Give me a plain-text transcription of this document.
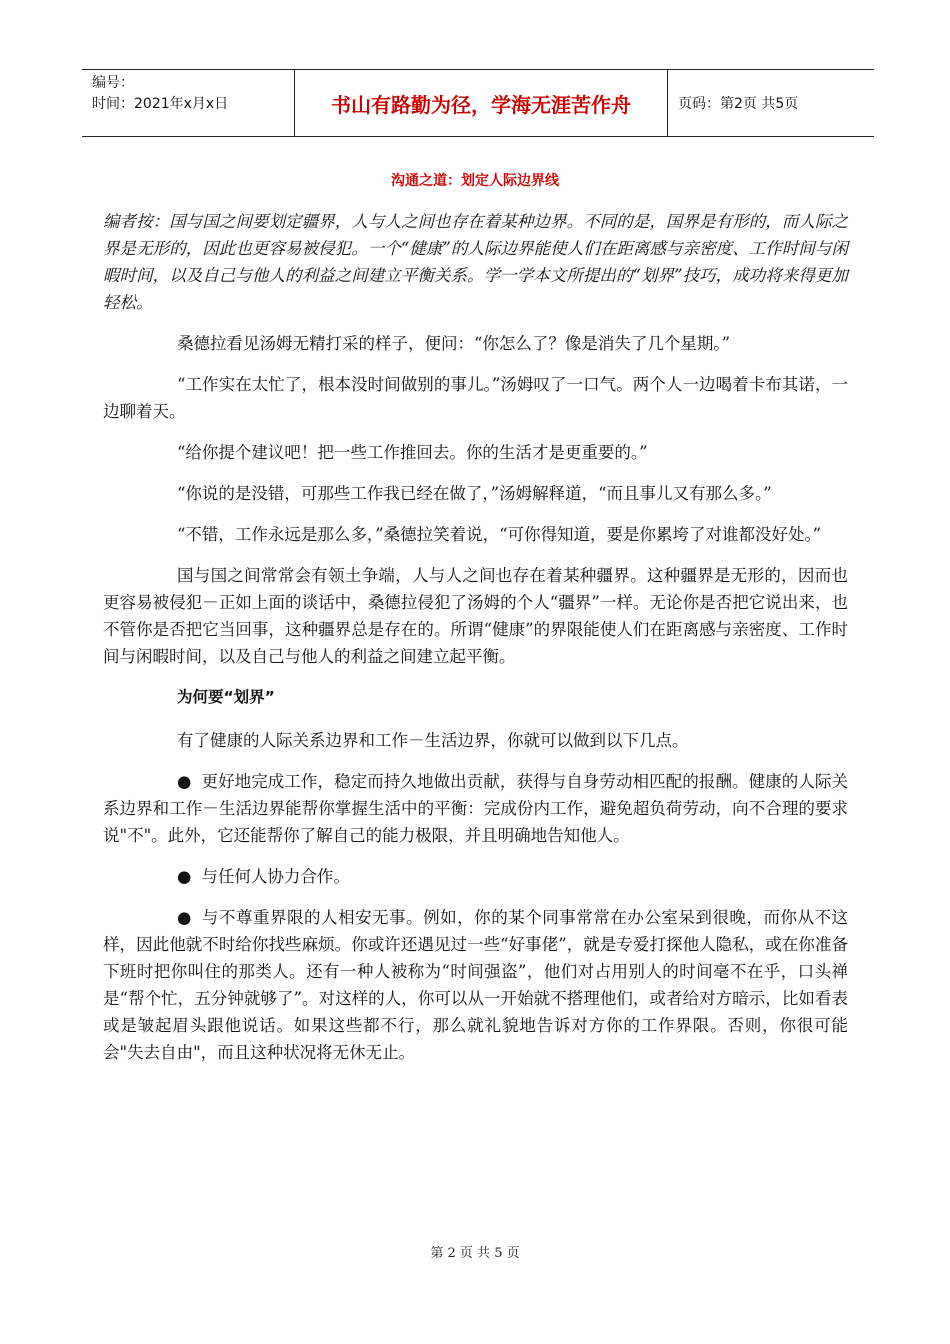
编号：
时间：2021年x月x日	书山有路勤为径，学海无涯苦作舟	页码：第2页 共5页
沟通之道：划定人际边界线

编者按：国与国之间要划定疆界，人与人之间也存在着某种边界。不同的是，国界是有形的，而人际之界是无形的，因此也更容易被侵犯。一个“健康”的人际边界能使人们在距离感与亲密度、工作时间与闲暇时间，以及自己与他人的利益之间建立平衡关系。学一学本文所提出的“划界”技巧，成功将来得更加轻松。

桑德拉看见汤姆无精打采的样子，便问：“你怎么了？像是消失了几个星期。”

“工作实在太忙了，根本没时间做别的事儿。”汤姆叹了一口气。两个人一边喝着卡布其诺，一边聊着天。

“给你提个建议吧！把一些工作推回去。你的生活才是更重要的。”

“你说的是没错，可那些工作我已经在做了，”汤姆解释道，“而且事儿又有那么多。”

“不错，工作永远是那么多，”桑德拉笑着说，“可你得知道，要是你累垮了对谁都没好处。”

国与国之间常常会有领土争端，人与人之间也存在着某种疆界。这种疆界是无形的，因而也更容易被侵犯－正如上面的谈话中，桑德拉侵犯了汤姆的个人“疆界”一样。无论你是否把它说出来，也不管你是否把它当回事，这种疆界总是存在的。所谓“健康”的界限能使人们在距离感与亲密度、工作时间与闲暇时间，以及自己与他人的利益之间建立起平衡。

为何要“划界”

有了健康的人际关系边界和工作－生活边界，你就可以做到以下几点。

● 更好地完成工作，稳定而持久地做出贡献，获得与自身劳动相匹配的报酬。健康的人际关系边界和工作－生活边界能帮你掌握生活中的平衡：完成份内工作，避免超负荷劳动，向不合理的要求说"不"。此外，它还能帮你了解自己的能力极限，并且明确地告知他人。

● 与任何人协力合作。

● 与不尊重界限的人相安无事。例如，你的某个同事常常在办公室呆到很晚，而你从不这样，因此他就不时给你找些麻烦。你或许还遇见过一些“好事佬”，就是专爱打探他人隐私，或在你准备下班时把你叫住的那类人。还有一种人被称为“时间强盗”，他们对占用别人的时间毫不在乎，口头禅是“帮个忙，五分钟就够了”。对这样的人，你可以从一开始就不搭理他们，或者给对方暗示，比如看表或是皱起眉头跟他说话。如果这些都不行，那么就礼貌地告诉对方你的工作界限。否则，你很可能会"失去自由"，而且这种状况将无休无止。

第 2 页 共 5 页
